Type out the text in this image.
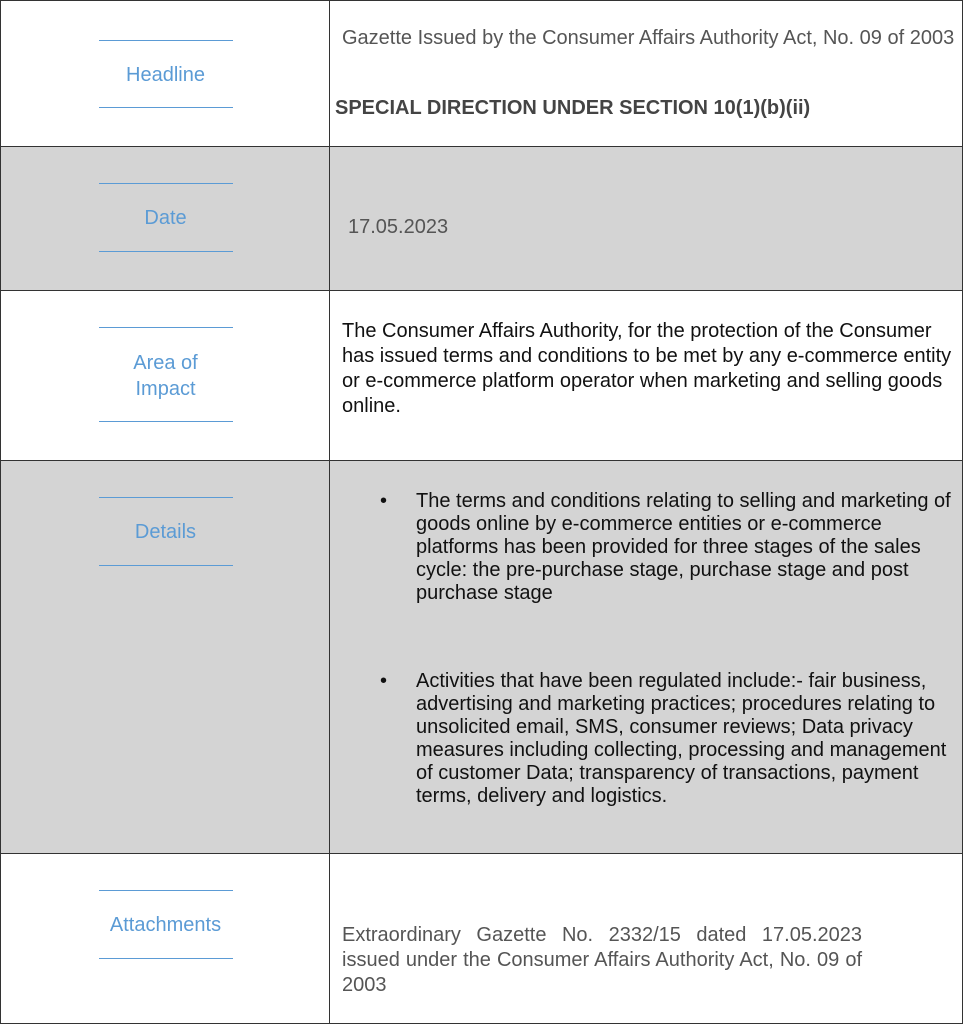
Headline
Gazette Issued by the Consumer Affairs Authority Act, No. 09 of 2003
SPECIAL DIRECTION UNDER SECTION 10(1)(b)(ii)
Date	17.05.2023
Area of
Impact
The Consumer Affairs Authority, for the protection of the Consumer has issued terms and conditions to be met by any e-commerce entity or e-commerce platform operator when marketing and selling goods online.
Details
• The terms and conditions relating to selling and marketing of goods online by e-commerce entities or e-commerce platforms has been provided for three stages of the sales cycle: the pre-purchase stage, purchase stage and post purchase stage
• Activities that have been regulated include:- fair business, advertising and marketing practices; procedures relating to unsolicited email, SMS, consumer reviews; Data privacy measures including collecting, processing and management of customer Data; transparency of transactions, payment terms, delivery and logistics.
Attachments	Extraordinary Gazette No. 2332/15 dated 17.05.2023 issued under the Consumer Affairs Authority Act, No. 09 of 2003
